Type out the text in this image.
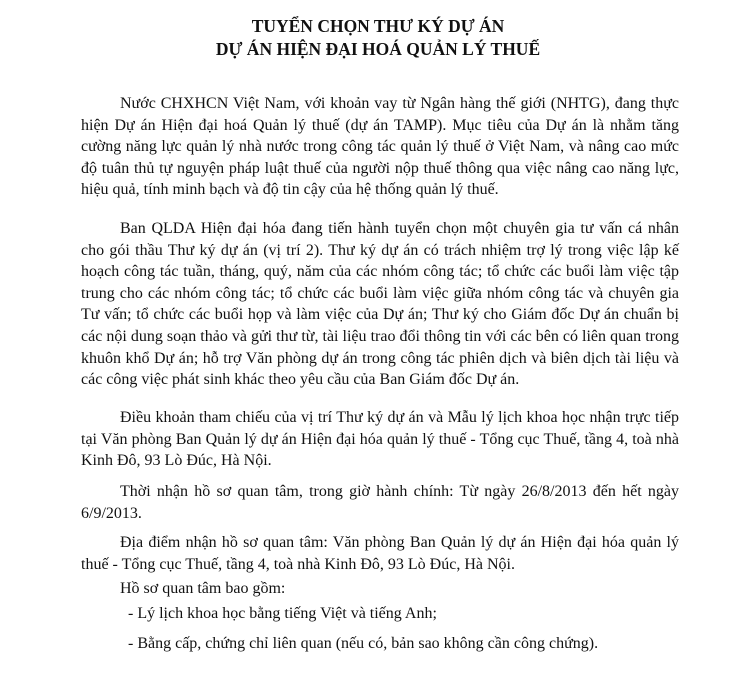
TUYỂN CHỌN THƯ KÝ DỰ ÁN
DỰ ÁN HIỆN ĐẠI HOÁ QUẢN LÝ THUẾ

Nước CHXHCN Việt Nam, với khoản vay từ Ngân hàng thế giới (NHTG), đang thực hiện Dự án Hiện đại hoá Quản lý thuế (dự án TAMP). Mục tiêu của Dự án là nhằm tăng cường năng lực quản lý nhà nước trong công tác quản lý thuế ở Việt Nam, và nâng cao mức độ tuân thủ tự nguyện pháp luật thuế của người nộp thuế thông qua việc nâng cao năng lực, hiệu quả, tính minh bạch và độ tin cậy của hệ thống quản lý thuế.

Ban QLDA Hiện đại hóa đang tiến hành tuyển chọn một chuyên gia tư vấn cá nhân cho gói thầu Thư ký dự án (vị trí 2). Thư ký dự án có trách nhiệm trợ lý trong việc lập kế hoạch công tác tuần, tháng, quý, năm của các nhóm công tác; tổ chức các buổi làm việc tập trung cho các nhóm công tác; tổ chức các buổi làm việc giữa nhóm công tác và chuyên gia Tư vấn; tổ chức các buổi họp và làm việc của Dự án; Thư ký cho Giám đốc Dự án chuẩn bị các nội dung soạn thảo và gửi thư từ, tài liệu trao đổi thông tin với các bên có liên quan trong khuôn khổ Dự án; hỗ trợ Văn phòng dự án trong công tác phiên dịch và biên dịch tài liệu và các công việc phát sinh khác theo yêu cầu của Ban Giám đốc Dự án.

Điều khoản tham chiếu của vị trí Thư ký dự án và Mẫu lý lịch khoa học nhận trực tiếp tại Văn phòng Ban Quản lý dự án Hiện đại hóa quản lý thuế - Tổng cục Thuế, tầng 4, toà nhà Kinh Đô, 93 Lò Đúc, Hà Nội.

Thời nhận hồ sơ quan tâm, trong giờ hành chính: Từ ngày 26/8/2013 đến hết ngày 6/9/2013.

Địa điểm nhận hồ sơ quan tâm: Văn phòng Ban Quản lý dự án Hiện đại hóa quản lý thuế - Tổng cục Thuế, tầng 4, toà nhà Kinh Đô, 93 Lò Đúc, Hà Nội.

Hồ sơ quan tâm bao gồm:

- Lý lịch khoa học bằng tiếng Việt và tiếng Anh;

- Bằng cấp, chứng chỉ liên quan (nếu có, bản sao không cần công chứng).
